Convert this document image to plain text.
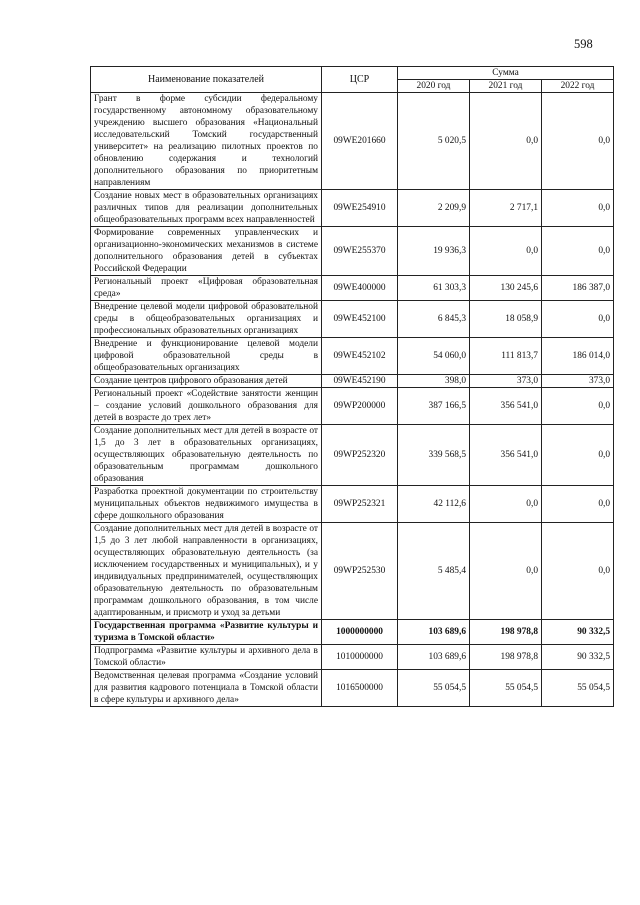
598
Наименование показателей	ЦСР	Сумма		
		2020 год	2021 год	2022 год
Грант в форме субсидии федеральному государственному автономному образовательному учреждению высшего образования «Национальный исследовательский Томский государственный университет» на реализацию пилотных проектов по обновлению содержания и технологий дополнительного образования по приоритетным направлениям	09WE201660	5 020,5	0,0	0,0
Создание новых мест в образовательных организациях различных типов для реализации дополнительных общеобразовательных программ всех направленностей	09WE254910	2 209,9	2 717,1	0,0
Формирование современных управленческих и организационно-экономических механизмов в системе дополнительного образования детей в субъектах Российской Федерации	09WE255370	19 936,3	0,0	0,0
Региональный проект «Цифровая образовательная среда»	09WE400000	61 303,3	130 245,6	186 387,0
Внедрение целевой модели цифровой образовательной среды в общеобразовательных организациях и профессиональных образовательных организациях	09WE452100	6 845,3	18 058,9	0,0
Внедрение и функционирование целевой модели цифровой образовательной среды в общеобразовательных организациях	09WE452102	54 060,0	111 813,7	186 014,0
Создание центров цифрового образования детей	09WE452190	398,0	373,0	373,0
Региональный проект «Содействие занятости женщин – создание условий дошкольного образования для детей в возрасте до трех лет»	09WP200000	387 166,5	356 541,0	0,0
Создание дополнительных мест для детей в возрасте от 1,5 до 3 лет в образовательных организациях, осуществляющих образовательную деятельность по образовательным программам дошкольного образования	09WP252320	339 568,5	356 541,0	0,0
Разработка проектной документации по строительству муниципальных объектов недвижимого имущества в сфере дошкольного образования	09WP252321	42 112,6	0,0	0,0
Создание дополнительных мест для детей в возрасте от 1,5 до 3 лет любой направленности в организациях, осуществляющих образовательную деятельность (за исключением государственных и муниципальных), и у индивидуальных предпринимателей, осуществляющих образовательную деятельность по образовательным программам дошкольного образования, в том числе адаптированным, и присмотр и уход за детьми	09WP252530	5 485,4	0,0	0,0
Государственная программа «Развитие культуры и туризма в Томской области»	1000000000	103 689,6	198 978,8	90 332,5
Подпрограмма «Развитие культуры и архивного дела в Томской области»	1010000000	103 689,6	198 978,8	90 332,5
Ведомственная целевая программа «Создание условий для развития кадрового потенциала в Томской области в сфере культуры и архивного дела»	1016500000	55 054,5	55 054,5	55 054,5
